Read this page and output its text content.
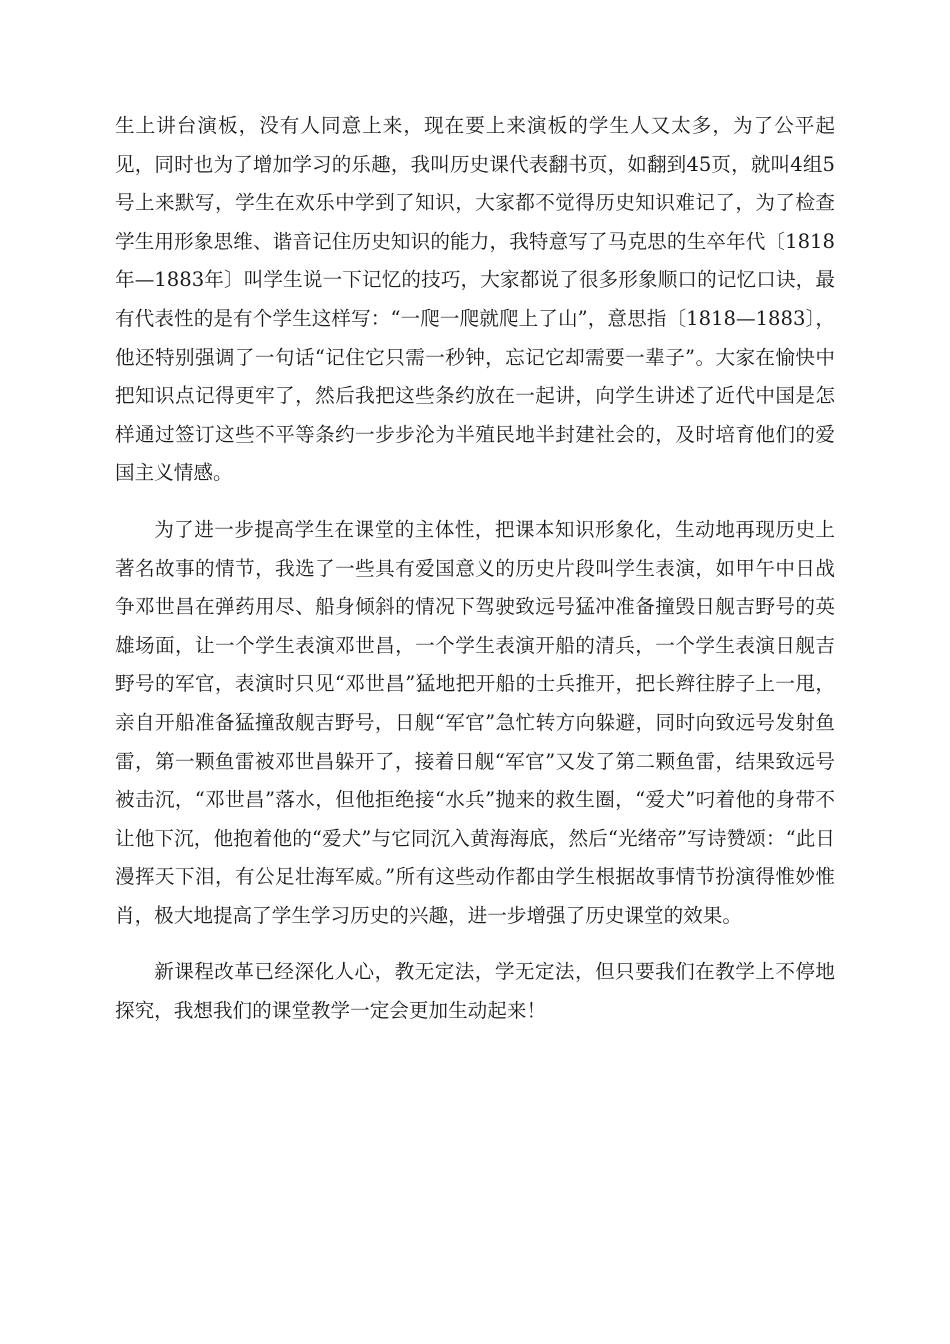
生上讲台演板，没有人同意上来，现在要上来演板的学生人又太多，为了公平起见，同时也为了增加学习的乐趣，我叫历史课代表翻书页，如翻到45页，就叫4组5号上来默写，学生在欢乐中学到了知识，大家都不觉得历史知识难记了，为了检查学生用形象思维、谐音记住历史知识的能力，我特意写了马克思的生卒年代〔1818年—1883年〕叫学生说一下记忆的技巧，大家都说了很多形象顺口的记忆口诀，最有代表性的是有个学生这样写：“一爬一爬就爬上了山”，意思指〔1818—1883〕，他还特别强调了一句话“记住它只需一秒钟，忘记它却需要一辈子”。大家在愉快中把知识点记得更牢了，然后我把这些条约放在一起讲，向学生讲述了近代中国是怎样通过签订这些不平等条约一步步沦为半殖民地半封建社会的，及时培育他们的爱国主义情感。

为了进一步提高学生在课堂的主体性，把课本知识形象化，生动地再现历史上著名故事的情节，我选了一些具有爱国意义的历史片段叫学生表演，如甲午中日战争邓世昌在弹药用尽、船身倾斜的情况下驾驶致远号猛冲准备撞毁日舰吉野号的英雄场面，让一个学生表演邓世昌，一个学生表演开船的清兵，一个学生表演日舰吉野号的军官，表演时只见“邓世昌”猛地把开船的士兵推开，把长辫往脖子上一甩，亲自开船准备猛撞敌舰吉野号，日舰“军官”急忙转方向躲避，同时向致远号发射鱼雷，第一颗鱼雷被邓世昌躲开了，接着日舰“军官”又发了第二颗鱼雷，结果致远号被击沉，“邓世昌”落水，但他拒绝接“水兵”抛来的救生圈，“爱犬”叼着他的身带不让他下沉，他抱着他的“爱犬”与它同沉入黄海海底，然后“光绪帝”写诗赞颂：“此日漫挥天下泪，有公足壮海军威。”所有这些动作都由学生根据故事情节扮演得惟妙惟肖，极大地提高了学生学习历史的兴趣，进一步增强了历史课堂的效果。

新课程改革已经深化人心，教无定法，学无定法，但只要我们在教学上不停地探究，我想我们的课堂教学一定会更加生动起来！
